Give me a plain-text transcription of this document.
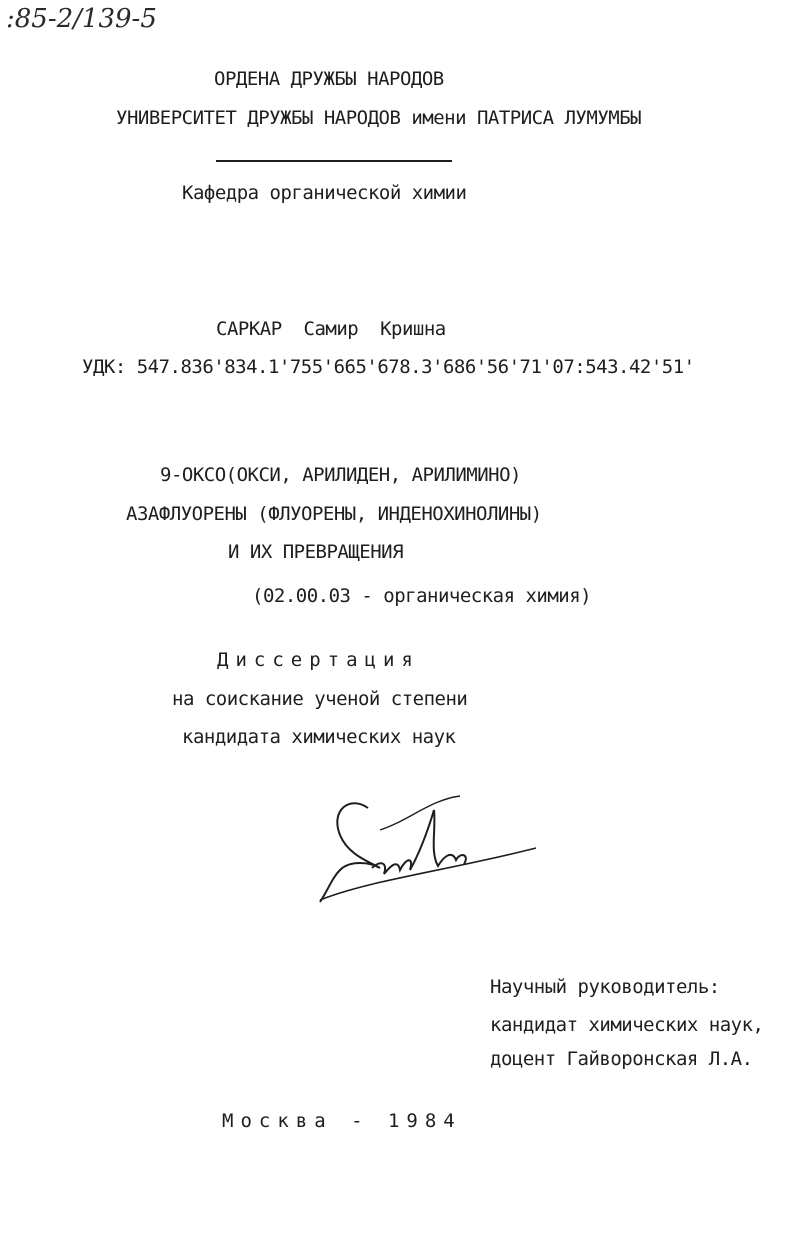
:85-2/139-5
ОРДЕНА ДРУЖБЫ НАРОДОВ
УНИВЕРСИТЕТ ДРУЖБЫ НАРОДОВ имени ПАТРИСА ЛУМУМБЫ
Кафедра органической химии
САРКАР  Самир  Кришна
УДК: 547.836'834.1'755'665'678.3'686'56'71'07:543.42'51'
9-ОКСО(ОКСИ, АРИЛИДЕН, АРИЛИМИНО)
АЗАФЛУОРЕНЫ (ФЛУОРЕНЫ, ИНДЕНОХИНОЛИНЫ)
И ИХ ПРЕВРАЩЕНИЯ
(02.00.03 - органическая химия)
Диссертация
на соискание ученой степени
кандидата химических наук
Научный руководитель:
кандидат химических наук,
доцент Гайворонская Л.А.
Москва - 1984
